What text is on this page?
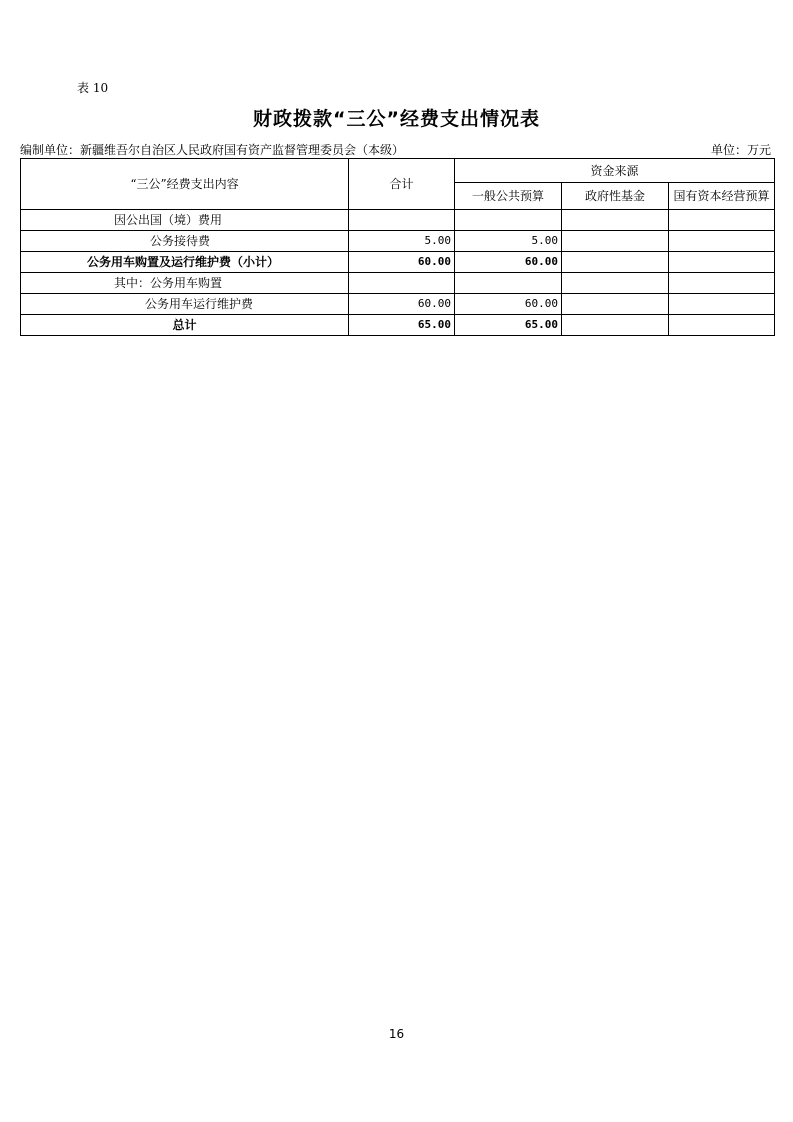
表 10
财政拨款“三公”经费支出情况表
编制单位：新疆维吾尔自治区人民政府国有资产监督管理委员会（本级）	单位：万元
“三公”经费支出内容	合计	资金来源		
		一般公共预算	政府性基金	国有资本经营预算
因公出国（境）费用				
公务接待费	5.00	5.00		
公务用车购置及运行维护费（小计）	60.00	60.00		
其中：公务用车购置				
公务用车运行维护费	60.00	60.00		
总计	65.00	65.00		
16
